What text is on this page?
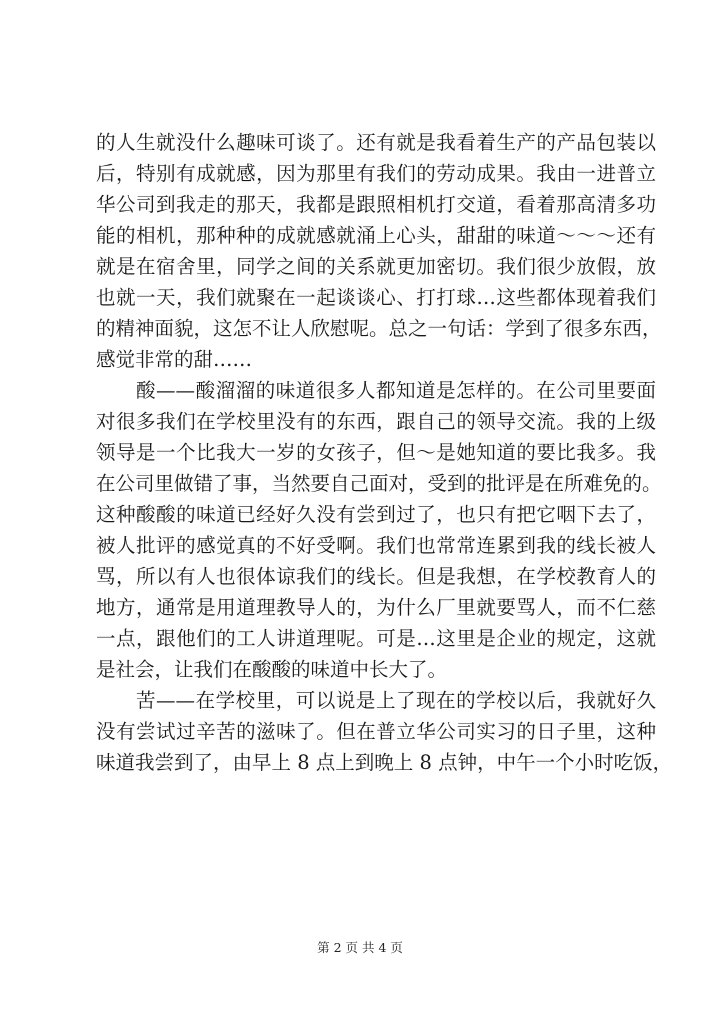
的人生就没什么趣味可谈了。还有就是我看着生产的产品包装以
后，特别有成就感，因为那里有我们的劳动成果。我由一进普立
华公司到我走的那天，我都是跟照相机打交道，看着那高清多功
能的相机，那种种的成就感就涌上心头，甜甜的味道～～～还有
就是在宿舍里，同学之间的关系就更加密切。我们很少放假，放
也就一天，我们就聚在一起谈谈心、打打球…这些都体现着我们
的精神面貌，这怎不让人欣慰呢。总之一句话：学到了很多东西，
感觉非常的甜……
酸——酸溜溜的味道很多人都知道是怎样的。在公司里要面
对很多我们在学校里没有的东西，跟自己的领导交流。我的上级
领导是一个比我大一岁的女孩子，但～是她知道的要比我多。我
在公司里做错了事，当然要自己面对，受到的批评是在所难免的。
这种酸酸的味道已经好久没有尝到过了，也只有把它咽下去了，
被人批评的感觉真的不好受啊。我们也常常连累到我的线长被人
骂，所以有人也很体谅我们的线长。但是我想，在学校教育人的
地方，通常是用道理教导人的，为什么厂里就要骂人，而不仁慈
一点，跟他们的工人讲道理呢。可是…这里是企业的规定，这就
是社会，让我们在酸酸的味道中长大了。
苦——在学校里，可以说是上了现在的学校以后，我就好久
没有尝试过辛苦的滋味了。但在普立华公司实习的日子里，这种
味道我尝到了，由早上 8 点上到晚上 8 点钟，中午一个小时吃饭，
第 2 页 共 4 页
